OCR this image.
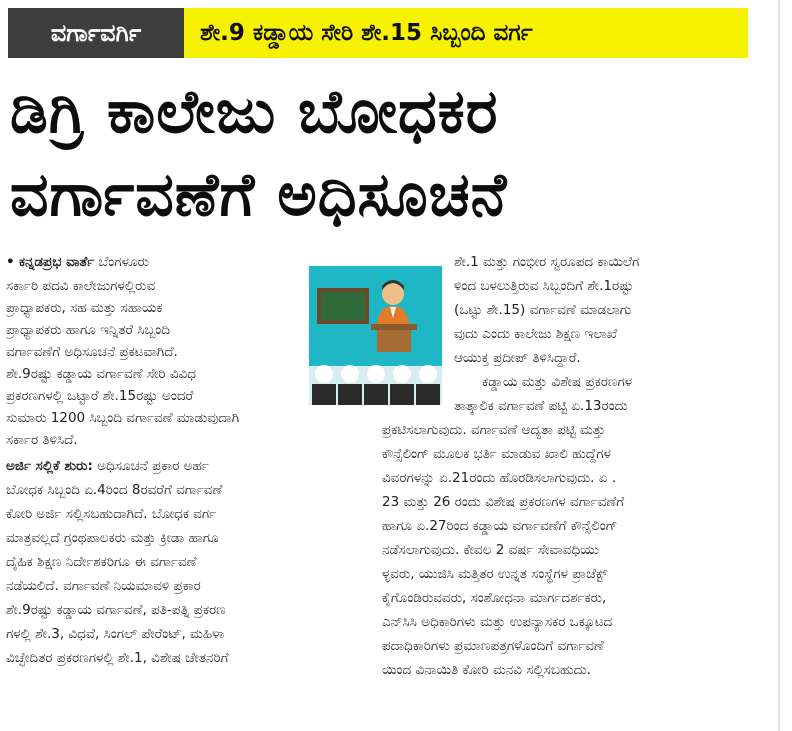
ವರ್ಗಾವರ್ಗಿ	ಶೇ.9 ಕಡ್ಡಾಯ ಸೇರಿ ಶೇ.15 ಸಿಬ್ಬಂದಿ ವರ್ಗ
ಡಿಗ್ರಿ ಕಾಲೇಜು ಬೋಧಕರ
ವರ್ಗಾವಣೆಗೆ ಅಧಿಸೂಚನೆ
• ಕನ್ನಡಪ್ರಭ ವಾರ್ತೆ ಬೆಂಗಳೂರು
ಸರ್ಕಾರಿ ಪದವಿ ಕಾಲೇಜುಗಳಲ್ಲಿರುವ
ಪ್ರಾಧ್ಯಾಪಕರು, ಸಹ ಮತ್ತು ಸಹಾಯಕ
ಪ್ರಾಧ್ಯಾಪಕರು ಹಾಗೂ ಇನ್ನಿತರೆ ಸಿಬ್ಬಂದಿ
ವರ್ಗಾವಣೆಗೆ ಅಧಿಸೂಚನೆ ಪ್ರಕಟವಾಗಿದೆ.
ಶೇ.9ರಷ್ಟು ಕಡ್ಡಾಯ ವರ್ಗಾವಣೆ ಸೇರಿ ವಿವಿಧ
ಪ್ರಕರಣಗಳಲ್ಲಿ ಒಟ್ಟಾರೆ ಶೇ.15ರಷ್ಟು ಅಂದರೆ
ಸುಮಾರು 1200 ಸಿಬ್ಬಂದಿ ವರ್ಗಾವಣೆ ಮಾಡುವುದಾಗಿ
ಸರ್ಕಾರ ತಿಳಿಸಿದೆ.
ಅರ್ಜಿ ಸಲ್ಲಿಕೆ ಶುರು: ಅಧಿಸೂಚನೆ ಪ್ರಕಾರ ಅರ್ಹ
ಬೋಧಕ ಸಿಬ್ಬಂದಿ ಏ.4ರಿಂದ 8ರವರೆಗೆ ವರ್ಗಾವಣೆ
ಕೋರಿ ಅರ್ಜಿ ಸಲ್ಲಿಸಬಹುದಾಗಿದೆ. ಬೋಧಕ ವರ್ಗ
ಮಾತ್ರವಲ್ಲದೆ ಗ್ರಂಥಪಾಲಕರು ಮತ್ತು ಕ್ರೀಡಾ ಹಾಗೂ
ದೈಹಿಕ ಶಿಕ್ಷಣ ನಿರ್ದೇಶಕರಿಗೂ ಈ ವರ್ಗಾವಣೆ
ನಡೆಯಲಿದೆ. ವರ್ಗಾವಣೆ ನಿಯಮಾವಳಿ ಪ್ರಕಾರ
ಶೇ.9ರಷ್ಟು ಕಡ್ಡಾಯ ವರ್ಗಾವಣೆ, ಪತಿ-ಪತ್ನಿ ಪ್ರಕರಣ
ಗಳಲ್ಲಿ ಶೇ.3, ವಿಧವೆ, ಸಿಂಗಲ್ ಪೇರೆಂಟ್, ಮಹಿಳಾ
ವಿಚ್ಛೇದಿತರ ಪ್ರಕರಣಗಳಲ್ಲಿ ಶೇ.1, ವಿಶೇಷ ಚೇತನರಿಗೆ
ಶೇ.1 ಮತ್ತು ಗಂಭೀರ ಸ್ವರೂಪದ ಕಾಯಿಲೆಗ
ಳಿಂದ ಬಳಲುತ್ತಿರುವ ಸಿಬ್ಬಂದಿಗೆ ಶೇ.1ರಷ್ಟು
(ಒಟ್ಟು ಶೇ.15) ವರ್ಗಾವಣೆ ಮಾಡಲಾಗು
ವುದು ಎಂದು ಕಾಲೇಜು ಶಿಕ್ಷಣ ಇಲಾಖೆ
ಆಯುಕ್ತ ಪ್ರದೀಪ್ ತಿಳಿಸಿದ್ದಾರೆ.
ಕಡ್ಡಾಯ ಮತ್ತು ವಿಶೇಷ ಪ್ರಕರಣಗಳ
ತಾತ್ಕಾಲಿಕ ವರ್ಗಾವಣೆ ಪಟ್ಟಿ ಏ.13ರಂದು
ಪ್ರಕಟಿಸಲಾಗುವುದು. ವರ್ಗಾವಣೆ ಆದ್ಯತಾ ಪಟ್ಟಿ ಮತ್ತು
ಕೌನ್ಸೆಲಿಂಗ್ ಮೂಲಕ ಭರ್ತಿ ಮಾಡುವ ಖಾಲಿ ಹುದ್ದೆಗಳ
ವಿವರಗಳನ್ನು ಏ.21ರಂದು ಹೊರಡಿಸಲಾಗುವುದು. ಏ .
23 ಮತ್ತು 26 ರಂದು ವಿಶೇಷ ಪ್ರಕರಣಗಳ ವರ್ಗಾವಣೆಗೆ
ಹಾಗೂ ಏ.27ರಿಂದ ಕಡ್ಡಾಯ ವರ್ಗಾವಣೆಗೆ ಕೌನ್ಸೆಲಿಂಗ್
ನಡೆಸಲಾಗುವುದು. ಕೇವಲ 2 ವರ್ಷ ಸೇವಾವಧಿಯು
ಳ್ಳವರು, ಯುಜಿಸಿ ಮತ್ತಿತರ ಉನ್ನತ ಸಂಸ್ಥೆಗಳ ಪ್ರಾಜೆಕ್ಟ್
ಕೈಗೊಂಡಿರುವವರು, ಸಂಶೋಧನಾ ಮಾರ್ಗದರ್ಶಕರು,
ಎನ್‌ಸಿಸಿ ಅಧಿಕಾರಿಗಳು ಮತ್ತು ಉಪನ್ಯಾಸಕರ ಒಕ್ಕೂಟದ
ಪದಾಧಿಕಾರಿಗಳು ಪ್ರಮಾಣಪತ್ರಗಳೊಂದಿಗೆ ವರ್ಗಾವಣೆ
ಯಿಂದ ವಿನಾಯಿತಿ ಕೋರಿ ಮನವಿ ಸಲ್ಲಿಸಬಹುದು.
